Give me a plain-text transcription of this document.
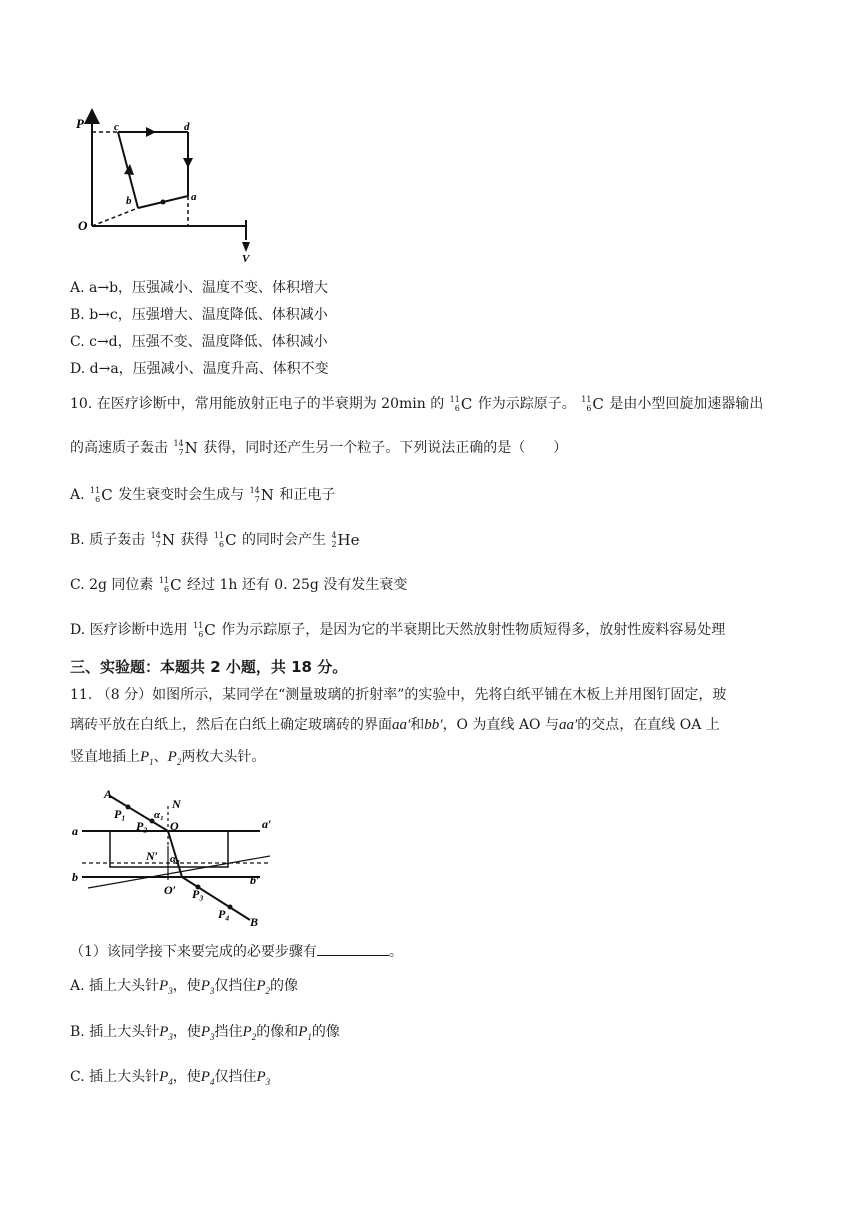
P
O
c	d
b	a
V
A. a→b，压强减小、温度不变、体积增大
B. b→c，压强增大、温度降低、体积减小
C. c→d，压强不变、温度降低、体积减小
D. d→a，压强减小、温度升高、体积不变
10. 在医疗诊断中，常用能放射正电子的半衰期为 20min 的 11
6 C 作为示踪原子。 11
6 C 是由小型回旋加速器输出
的高速质子轰击 14
7 N 获得，同时还产生另一个粒子。下列说法正确的是（　　）
A. 11
6 C 发生衰变时会生成与 14
7 N 和正电子
B. 质子轰击 14
7 N 获得 11
6 C 的同时会产生 4
2 He
C. 2g 同位素 11
6 C 经过 1h 还有 0. 25g 没有发生衰变
D. 医疗诊断中选用 11
6 C 作为示踪原子，是因为它的半衰期比天然放射性物质短得多，放射性废料容易处理
三、实验题：本题共 2 小题，共 18 分。
11. （8 分）如图所示，某同学在“测量玻璃的折射率”的实验中，先将白纸平铺在木板上并用图钉固定，玻
璃砖平放在白纸上，然后在白纸上确定玻璃砖的界面aa′和bb′，O 为直线 AO 与aa′的交点，在直线 OA 上
竖直地插上$P_1$、$P_2$两枚大头针。
A
P₁
P₂
α₁
N
O
a	a′
N′ α₂
b	b′
O′ P₃
P₄
B
（1）该同学接下来要完成的必要步骤有	。
A. 插上大头针$P_3$，使$P_3$仅挡住$P_2$的像
B. 插上大头针$P_3$，使$P_3$挡住$P_2$的像和$P_1$的像
C. 插上大头针$P_4$，使$P_4$仅挡住$P_3$
